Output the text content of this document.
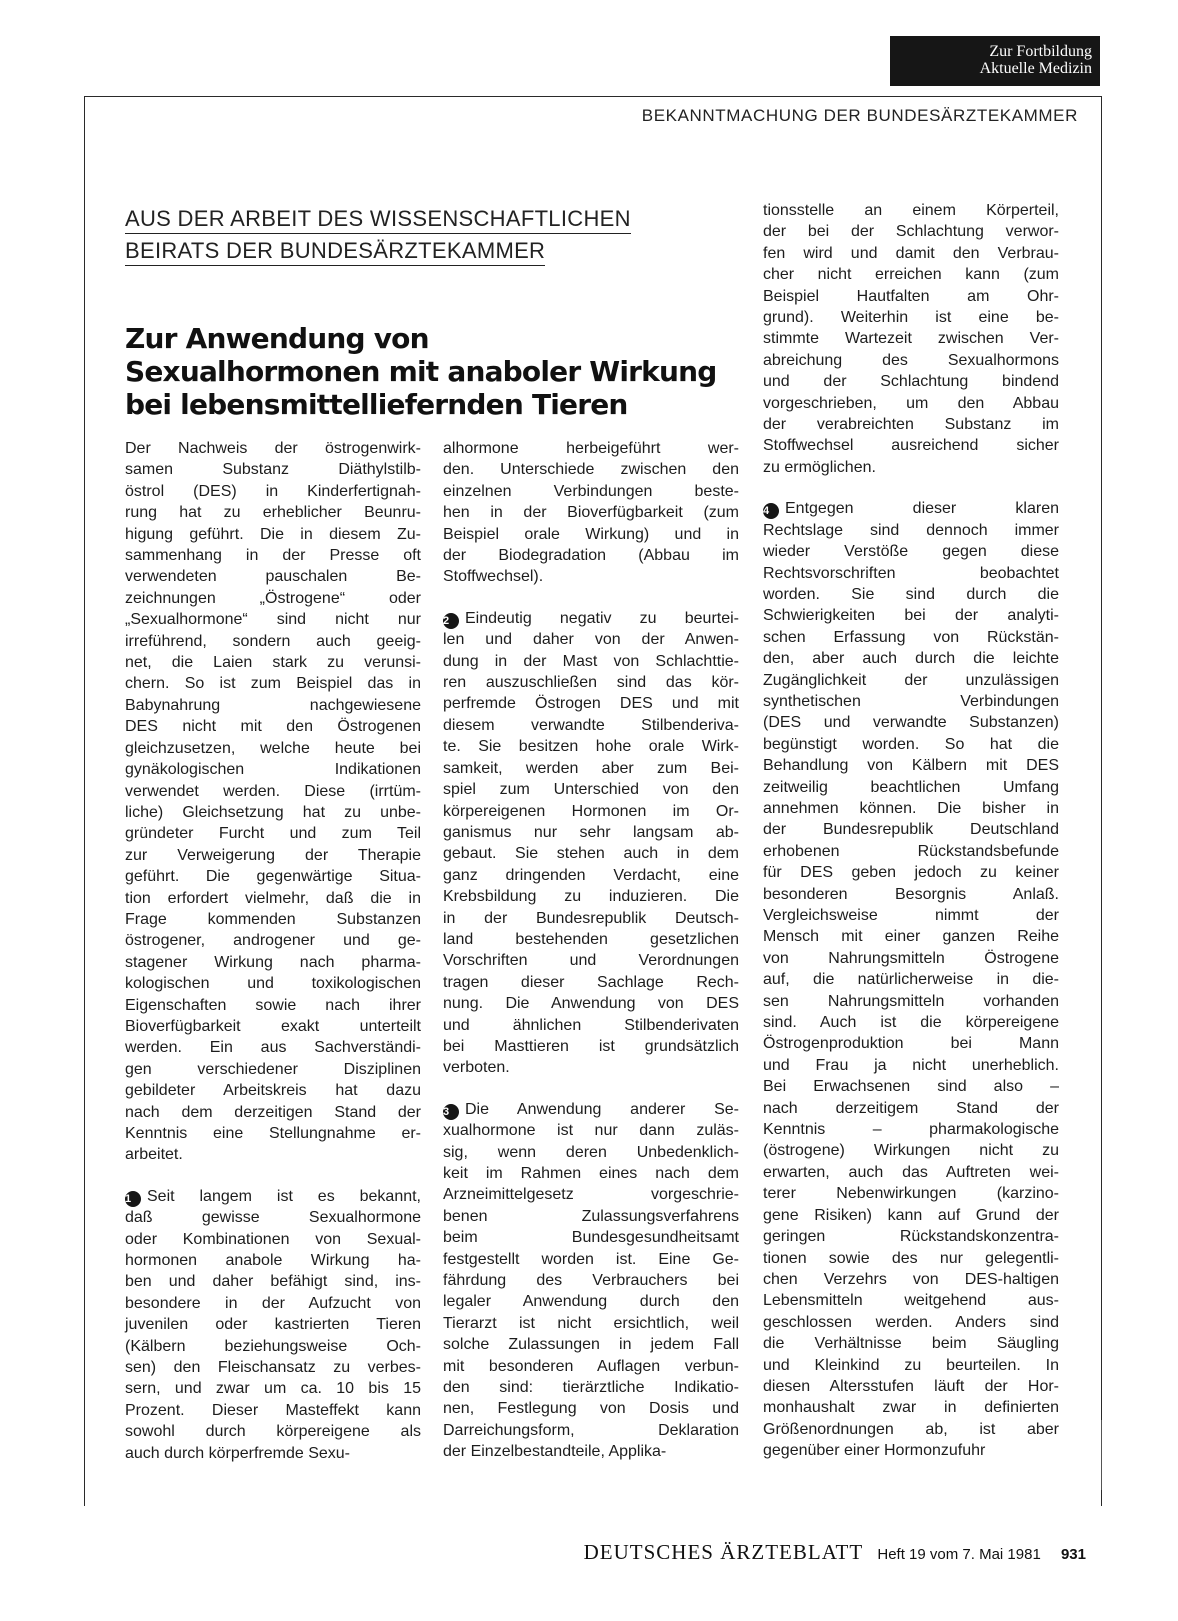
Zur Fortbildung
Aktuelle Medizin
BEKANNTMACHUNG DER BUNDESÄRZTEKAMMER
AUS DER ARBEIT DES WISSENSCHAFTLICHEN
BEIRATS DER BUNDESÄRZTEKAMMER
Zur Anwendung von
Sexualhormonen mit anaboler Wirkung
bei lebensmittelliefernden Tieren

Der Nachweis der östrogenwirk-
samen Substanz Diäthylstilb-
östrol (DES) in Kinderfertignah-
rung hat zu erheblicher Beunru-
higung geführt. Die in diesem Zu-
sammenhang in der Presse oft
verwendeten pauschalen Be-
zeichnungen „Östrogene“ oder
„Sexualhormone“ sind nicht nur
irreführend, sondern auch geeig-
net, die Laien stark zu verunsi-
chern. So ist zum Beispiel das in
Babynahrung nachgewiesene
DES nicht mit den Östrogenen
gleichzusetzen, welche heute bei
gynäkologischen Indikationen
verwendet werden. Diese (irrtüm-
liche) Gleichsetzung hat zu unbe-
gründeter Furcht und zum Teil
zur Verweigerung der Therapie
geführt. Die gegenwärtige Situa-
tion erfordert vielmehr, daß die in
Frage kommenden Substanzen
östrogener, androgener und ge-
stagener Wirkung nach pharma-
kologischen und toxikologischen
Eigenschaften sowie nach ihrer
Bioverfügbarkeit exakt unterteilt
werden. Ein aus Sachverständi-
gen verschiedener Disziplinen
gebildeter Arbeitskreis hat dazu
nach dem derzeitigen Stand der
Kenntnis eine Stellungnahme er-
arbeitet.

1 Seit langem ist es bekannt,
daß gewisse Sexualhormone
oder Kombinationen von Sexual-
hormonen anabole Wirkung ha-
ben und daher befähigt sind, ins-
besondere in der Aufzucht von
juvenilen oder kastrierten Tieren
(Kälbern beziehungsweise Och-
sen) den Fleischansatz zu verbes-
sern, und zwar um ca. 10 bis 15
Prozent. Dieser Masteffekt kann
sowohl durch körpereigene als
auch durch körperfremde Sexu-

alhormone herbeigeführt wer-
den. Unterschiede zwischen den
einzelnen Verbindungen beste-
hen in der Bioverfügbarkeit (zum
Beispiel orale Wirkung) und in
der Biodegradation (Abbau im
Stoffwechsel).

2 Eindeutig negativ zu beurtei-
len und daher von der Anwen-
dung in der Mast von Schlachttie-
ren auszuschließen sind das kör-
perfremde Östrogen DES und mit
diesem verwandte Stilbenderiva-
te. Sie besitzen hohe orale Wirk-
samkeit, werden aber zum Bei-
spiel zum Unterschied von den
körpereigenen Hormonen im Or-
ganismus nur sehr langsam ab-
gebaut. Sie stehen auch in dem
ganz dringenden Verdacht, eine
Krebsbildung zu induzieren. Die
in der Bundesrepublik Deutsch-
land bestehenden gesetzlichen
Vorschriften und Verordnungen
tragen dieser Sachlage Rech-
nung. Die Anwendung von DES
und ähnlichen Stilbenderivaten
bei Masttieren ist grundsätzlich
verboten.

3 Die Anwendung anderer Se-
xualhormone ist nur dann zuläs-
sig, wenn deren Unbedenklich-
keit im Rahmen eines nach dem
Arzneimittelgesetz vorgeschrie-
benen Zulassungsverfahrens
beim Bundesgesundheitsamt
festgestellt worden ist. Eine Ge-
fährdung des Verbrauchers bei
legaler Anwendung durch den
Tierarzt ist nicht ersichtlich, weil
solche Zulassungen in jedem Fall
mit besonderen Auflagen verbun-
den sind: tierärztliche Indikatio-
nen, Festlegung von Dosis und
Darreichungsform, Deklaration
der Einzelbestandteile, Applika-

tionsstelle an einem Körperteil,
der bei der Schlachtung verwor-
fen wird und damit den Verbrau-
cher nicht erreichen kann (zum
Beispiel Hautfalten am Ohr-
grund). Weiterhin ist eine be-
stimmte Wartezeit zwischen Ver-
abreichung des Sexualhormons
und der Schlachtung bindend
vorgeschrieben, um den Abbau
der verabreichten Substanz im
Stoffwechsel ausreichend sicher
zu ermöglichen.

4 Entgegen dieser klaren
Rechtslage sind dennoch immer
wieder Verstöße gegen diese
Rechtsvorschriften beobachtet
worden. Sie sind durch die
Schwierigkeiten bei der analyti-
schen Erfassung von Rückstän-
den, aber auch durch die leichte
Zugänglichkeit der unzulässigen
synthetischen Verbindungen
(DES und verwandte Substanzen)
begünstigt worden. So hat die
Behandlung von Kälbern mit DES
zeitweilig beachtlichen Umfang
annehmen können. Die bisher in
der Bundesrepublik Deutschland
erhobenen Rückstandsbefunde
für DES geben jedoch zu keiner
besonderen Besorgnis Anlaß.
Vergleichsweise nimmt der
Mensch mit einer ganzen Reihe
von Nahrungsmitteln Östrogene
auf, die natürlicherweise in die-
sen Nahrungsmitteln vorhanden
sind. Auch ist die körpereigene
Östrogenproduktion bei Mann
und Frau ja nicht unerheblich.
Bei Erwachsenen sind also –
nach derzeitigem Stand der
Kenntnis – pharmakologische
(östrogene) Wirkungen nicht zu
erwarten, auch das Auftreten wei-
terer Nebenwirkungen (karzino-
gene Risiken) kann auf Grund der
geringen Rückstandskonzentra-
tionen sowie des nur gelegentli-
chen Verzehrs von DES-haltigen
Lebensmitteln weitgehend aus-
geschlossen werden. Anders sind
die Verhältnisse beim Säugling
und Kleinkind zu beurteilen. In
diesen Altersstufen läuft der Hor-
monhaushalt zwar in definierten
Größenordnungen ab, ist aber
gegenüber einer Hormonzufuhr

DEUTSCHES ÄRZTEBLATT Heft 19 vom 7. Mai 1981 931
